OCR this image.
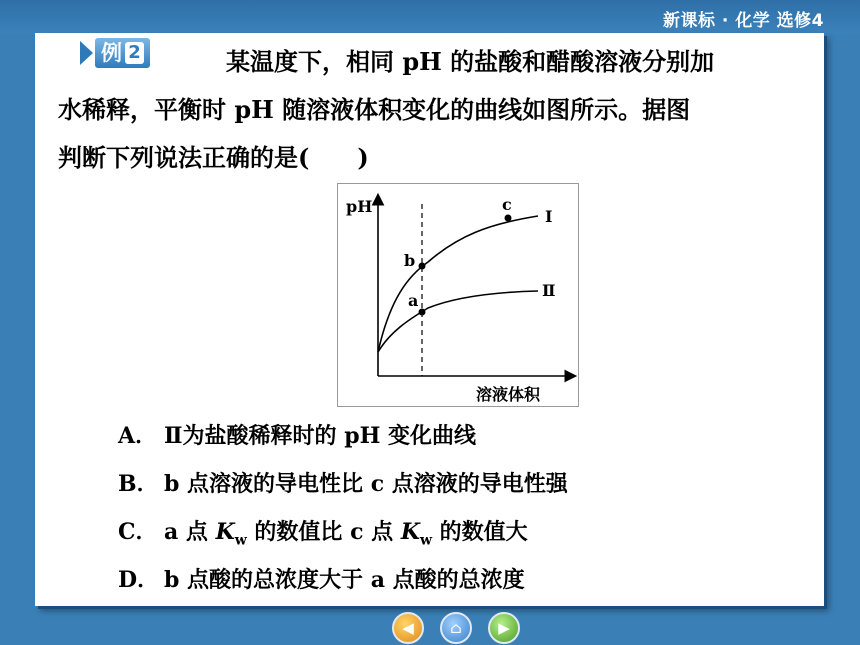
新课标 · 化学 选修4
例 2	某温度下，相同 pH 的盐酸和醋酸溶液分别加
水稀释，平衡时 pH 随溶液体积变化的曲线如图所示。据图
判断下列说法正确的是(　　)
pH
溶液体积
b
a
c
Ⅰ
Ⅱ
A． Ⅱ为盐酸稀释时的 pH 变化曲线
B． b 点溶液的导电性比 c 点溶液的导电性强
C． a 点 $K_w$ 的数值比 c 点 $K_w$ 的数值大
D． b 点酸的总浓度大于 a 点酸的总浓度
◀	⌂	▶
